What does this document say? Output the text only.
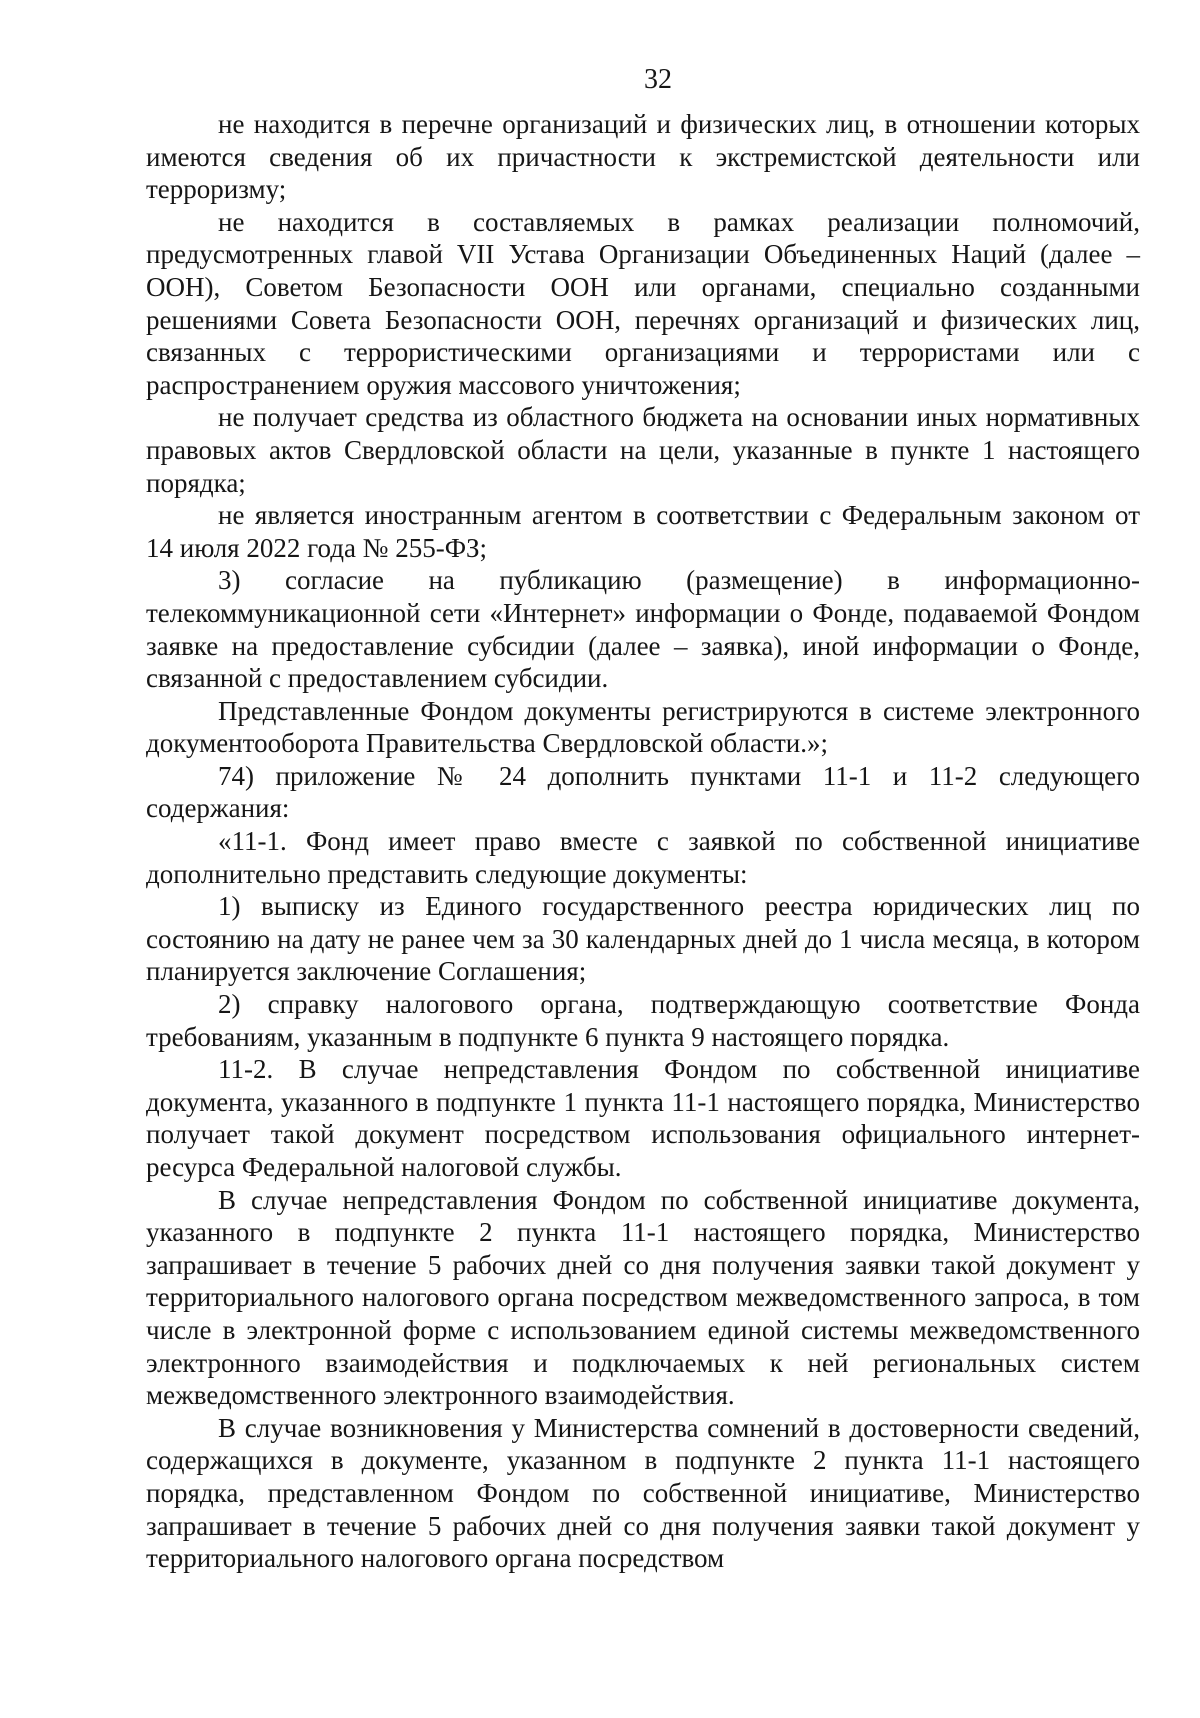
32

не находится в перечне организаций и физических лиц, в отношении которых имеются сведения об их причастности к экстремистской деятельности или терроризму;

не находится в составляемых в рамках реализации полномочий, предусмотренных главой VII Устава Организации Объединенных Наций (далее – ООН), Советом Безопасности ООН или органами, специально созданными решениями Совета Безопасности ООН, перечнях организаций и физических лиц, связанных с террористическими организациями и террористами или с распространением оружия массового уничтожения;

не получает средства из областного бюджета на основании иных нормативных правовых актов Свердловской области на цели, указанные в пункте 1 настоящего порядка;

не является иностранным агентом в соответствии с Федеральным законом от 14 июля 2022 года № 255-ФЗ;

3) согласие на публикацию (размещение) в информационно-телекоммуникационной сети «Интернет» информации о Фонде, подаваемой Фондом заявке на предоставление субсидии (далее – заявка), иной информации о Фонде, связанной с предоставлением субсидии.

Представленные Фондом документы регистрируются в системе электронного документооборота Правительства Свердловской области.»;

74) приложение № 24 дополнить пунктами 11-1 и 11-2 следующего содержания:

«11-1. Фонд имеет право вместе с заявкой по собственной инициативе дополнительно представить следующие документы:

1) выписку из Единого государственного реестра юридических лиц по состоянию на дату не ранее чем за 30 календарных дней до 1 числа месяца, в котором планируется заключение Соглашения;

2) справку налогового органа, подтверждающую соответствие Фонда требованиям, указанным в подпункте 6 пункта 9 настоящего порядка.

11-2. В случае непредставления Фондом по собственной инициативе документа, указанного в подпункте 1 пункта 11-1 настоящего порядка, Министерство получает такой документ посредством использования официального интернет-ресурса Федеральной налоговой службы.

В случае непредставления Фондом по собственной инициативе документа, указанного в подпункте 2 пункта 11-1 настоящего порядка, Министерство запрашивает в течение 5 рабочих дней со дня получения заявки такой документ у территориального налогового органа посредством межведомственного запроса, в том числе в электронной форме с использованием единой системы межведомственного электронного взаимодействия и подключаемых к ней региональных систем межведомственного электронного взаимодействия.

В случае возникновения у Министерства сомнений в достоверности сведений, содержащихся в документе, указанном в подпункте 2 пункта 11-1 настоящего порядка, представленном Фондом по собственной инициативе, Министерство запрашивает в течение 5 рабочих дней со дня получения заявки такой документ у территориального налогового органа посредством
